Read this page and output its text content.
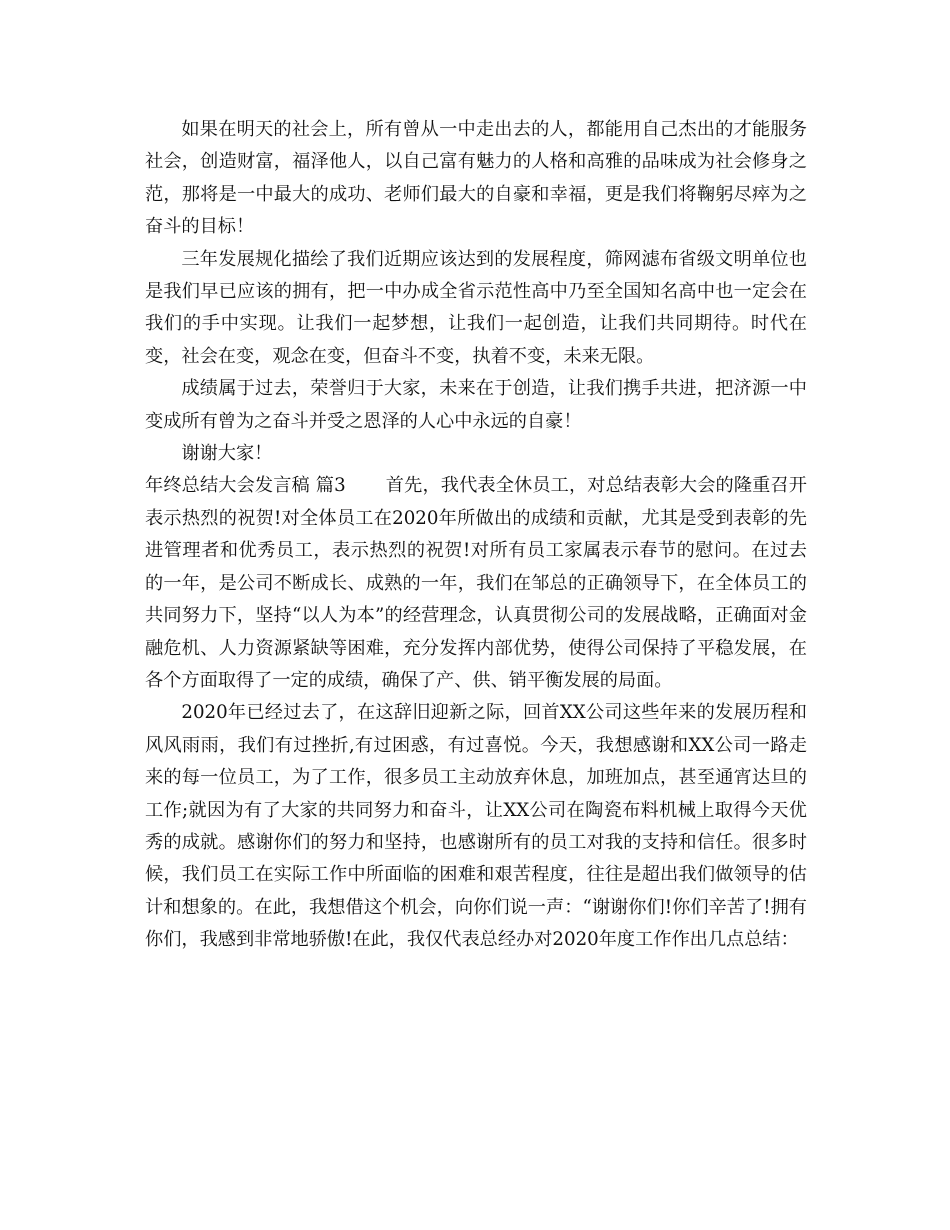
如果在明天的社会上，所有曾从一中走出去的人，都能用自己杰出的才能服务社会，创造财富，福泽他人，以自己富有魅力的人格和高雅的品味成为社会修身之范，那将是一中最大的成功、老师们最大的自豪和幸福，更是我们将鞠躬尽瘁为之奋斗的目标！

三年发展规化描绘了我们近期应该达到的发展程度，筛网滤布省级文明单位也是我们早已应该的拥有，把一中办成全省示范性高中乃至全国知名高中也一定会在我们的手中实现。让我们一起梦想，让我们一起创造，让我们共同期待。时代在变，社会在变，观念在变，但奋斗不变，执着不变，未来无限。

成绩属于过去，荣誉归于大家，未来在于创造，让我们携手共进，把济源一中变成所有曾为之奋斗并受之恩泽的人心中永远的自豪！

谢谢大家！

年终总结大会发言稿 篇3 首先，我代表全休员工，对总结表彰大会的隆重召开表示热烈的祝贺!对全体员工在2020年所做出的成绩和贡献，尤其是受到表彰的先进管理者和优秀员工，表示热烈的祝贺!对所有员工家属表示春节的慰问。在过去的一年，是公司不断成长、成熟的一年，我们在邹总的正确领导下，在全体员工的共同努力下，坚持“以人为本”的经营理念，认真贯彻公司的发展战略，正确面对金融危机、人力资源紧缺等困难，充分发挥内部优势，使得公司保持了平稳发展，在各个方面取得了一定的成绩，确保了产、供、销平衡发展的局面。

2020年已经过去了，在这辞旧迎新之际，回首XX公司这些年来的发展历程和风风雨雨，我们有过挫折,有过困惑，有过喜悦。今天，我想感谢和XX公司一路走来的每一位员工，为了工作，很多员工主动放弃休息，加班加点，甚至通宵达旦的工作;就因为有了大家的共同努力和奋斗，让XX公司在陶瓷布料机械上取得今天优秀的成就。感谢你们的努力和坚持，也感谢所有的员工对我的支持和信任。很多时候，我们员工在实际工作中所面临的困难和艰苦程度，往往是超出我们做领导的估计和想象的。在此，我想借这个机会，向你们说一声：“谢谢你们!你们辛苦了!拥有你们，我感到非常地骄傲!在此，我仅代表总经办对2020年度工作作出几点总结：
